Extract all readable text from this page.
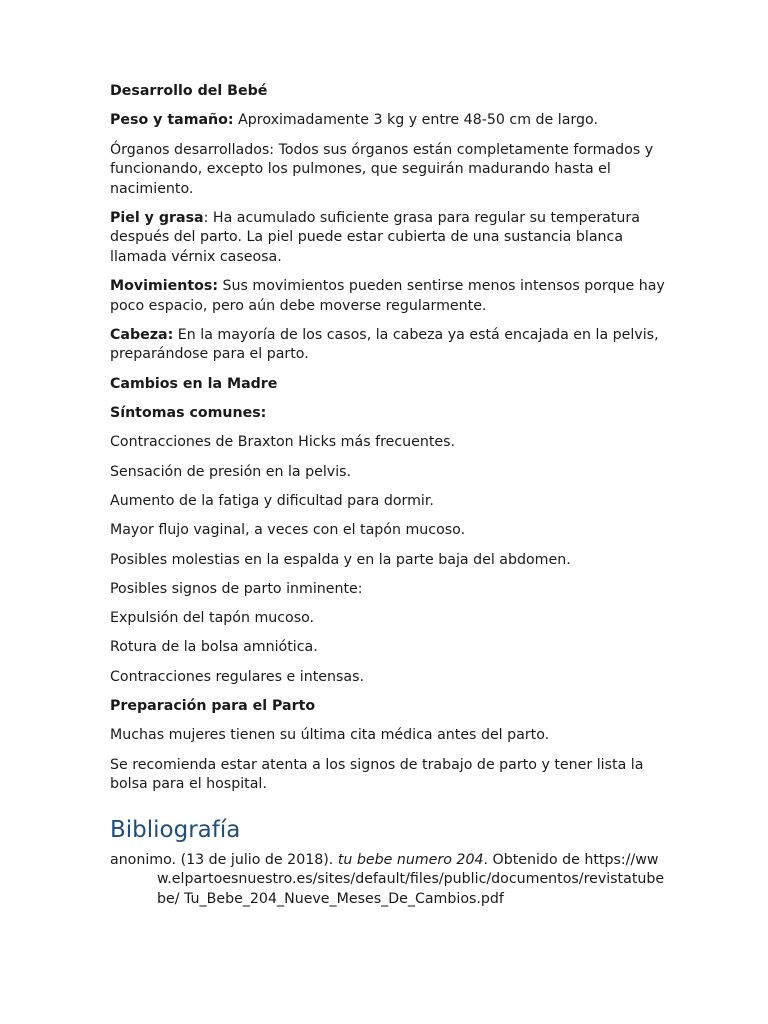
Desarrollo del Bebé

Peso y tamaño: Aproximadamente 3 kg y entre 48-50 cm de largo.

Órganos desarrollados: Todos sus órganos están completamente formados y funcionando, excepto los pulmones, que seguirán madurando hasta el nacimiento.

Piel y grasa: Ha acumulado suficiente grasa para regular su temperatura después del parto. La piel puede estar cubierta de una sustancia blanca llamada vérnix caseosa.

Movimientos: Sus movimientos pueden sentirse menos intensos porque hay poco espacio, pero aún debe moverse regularmente.

Cabeza: En la mayoría de los casos, la cabeza ya está encajada en la pelvis, preparándose para el parto.

Cambios en la Madre

Síntomas comunes:

Contracciones de Braxton Hicks más frecuentes.

Sensación de presión en la pelvis.

Aumento de la fatiga y dificultad para dormir.

Mayor flujo vaginal, a veces con el tapón mucoso.

Posibles molestias en la espalda y en la parte baja del abdomen.

Posibles signos de parto inminente:

Expulsión del tapón mucoso.

Rotura de la bolsa amniótica.

Contracciones regulares e intensas.

Preparación para el Parto

Muchas mujeres tienen su última cita médica antes del parto.

Se recomienda estar atenta a los signos de trabajo de parto y tener lista la bolsa para el hospital.

Bibliografía
anonimo. (13 de julio de 2018). tu bebe numero 204. Obtenido de https://www.elpartoesnuestro.es/sites/default/files/public/documentos/revistatubebe/ Tu_Bebe_204_Nueve_Meses_De_Cambios.pdf
